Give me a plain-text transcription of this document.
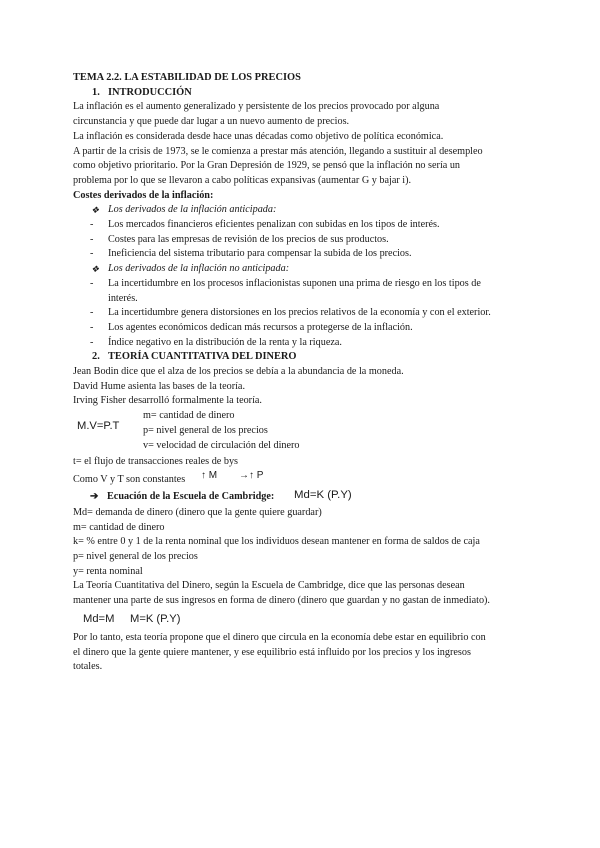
TEMA 2.2. LA ESTABILIDAD DE LOS PRECIOS
1. INTRODUCCIÓN
La inflación es el aumento generalizado y persistente de los precios provocado por alguna
circunstancia y que puede dar lugar a un nuevo aumento de precios.
La inflación es considerada desde hace unas décadas como objetivo de política económica.
A partir de la crisis de 1973, se le comienza a prestar más atención, llegando a sustituir al desempleo
como objetivo prioritario. Por la Gran Depresión de 1929, se pensó que la inflación no sería un
problema por lo que se llevaron a cabo políticas expansivas (aumentar G y bajar i).
Costes derivados de la inflación:
❖ Los derivados de la inflación anticipada:
- Los mercados financieros eficientes penalizan con subidas en los tipos de interés.
- Costes para las empresas de revisión de los precios de sus productos.
- Ineficiencia del sistema tributario para compensar la subida de los precios.
❖ Los derivados de la inflación no anticipada:
- La incertidumbre en los procesos inflacionistas suponen una prima de riesgo en los tipos de
interés.
- La incertidumbre genera distorsiones en los precios relativos de la economía y con el exterior.
- Los agentes económicos dedican más recursos a protegerse de la inflación.
- Índice negativo en la distribución de la renta y la riqueza.
2. TEORÍA CUANTITATIVA DEL DINERO
Jean Bodin dice que el alza de los precios se debía a la abundancia de la moneda.
David Hume asienta las bases de la teoría.
Irving Fisher desarrolló formalmente la teoría.
M.V=P.T
m= cantidad de dinero
p= nivel general de los precios
v= velocidad de circulación del dinero
t= el flujo de transacciones reales de bys
Como V y T son constantes ↑ M →↑ P
➔ Ecuación de la Escuela de Cambridge: Md=K (P.Y)
Md= demanda de dinero (dinero que la gente quiere guardar)
m= cantidad de dinero
k= % entre 0 y 1 de la renta nominal que los individuos desean mantener en forma de saldos de caja
p= nivel general de los precios
y= renta nominal
La Teoría Cuantitativa del Dinero, según la Escuela de Cambridge, dice que las personas desean
mantener una parte de sus ingresos en forma de dinero (dinero que guardan y no gastan de inmediato).
Md=M M=K (P.Y)
Por lo tanto, esta teoría propone que el dinero que circula en la economía debe estar en equilibrio con
el dinero que la gente quiere mantener, y ese equilibrio está influido por los precios y los ingresos
totales.
